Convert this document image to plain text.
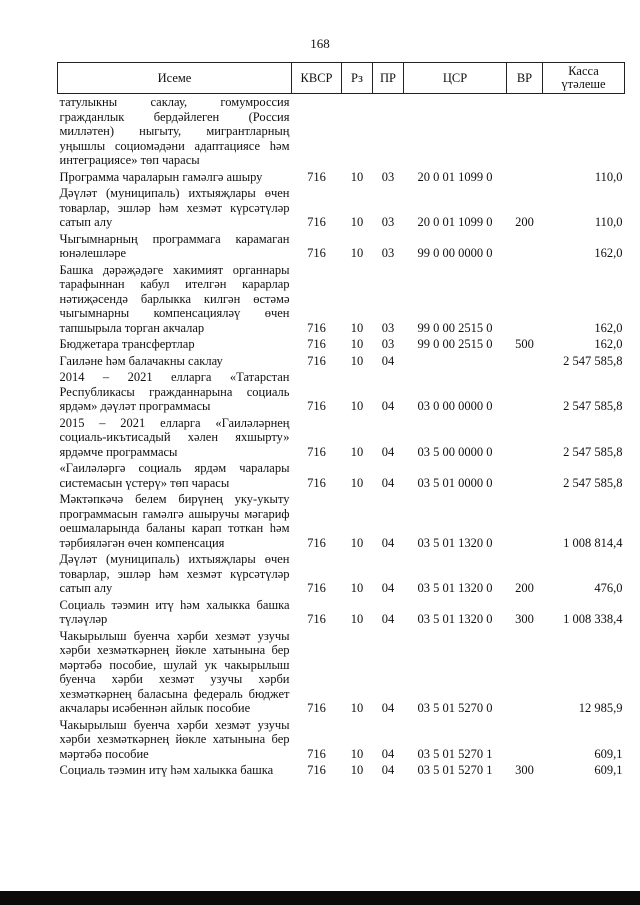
168
Исеме	КВСР	Рз	ПР	ЦСР	ВР	Касса үтәлеше
татулыкны саклау, гомумроссия гражданлык бердәйлеген (Россия миллəтен) ныгыту, мигрантларның уңышлы социомәдəни адаптациясе һəм интеграциясе» төп чарасы						
Программа чараларын гамәлгә ашыру	716	10	03	20 0 01 1099 0		110,0
Дәүләт (муниципаль) ихтыяҗлары өчен товарлар, эшләр һәм хезмәт күрсәтүләр сатып алу	716	10	03	20 0 01 1099 0	200	110,0
Чыгымнарның программага карамаган юнәлешләре	716	10	03	99 0 00 0000 0		162,0
Башка дәрәҗәдәге хакимият органнары тарафыннан кабул ителгән карарлар нәтиҗәсендә барлыкка килгән өстәмә чыгымнарны компенсацияләү өчен тапшырыла торган акчалар	716	10	03	99 0 00 2515 0		162,0
Бюджетара трансфертлар	716	10	03	99 0 00 2515 0	500	162,0
Гаиләне һәм балачакны саклау	716	10	04			2 547 585,8
2014 – 2021 елларга «Татарстан Республикасы гражданнарына социаль ярдәм» дәүләт программасы	716	10	04	03 0 00 0000 0		2 547 585,8
2015 – 2021 елларга «Гаиләләрнең социаль-икътисадый хәлен яхшырту» ярдәмче программасы	716	10	04	03 5 00 0000 0		2 547 585,8
«Гаиләләргә социаль ярдәм чаралары системасын үстерү» төп чарасы	716	10	04	03 5 01 0000 0		2 547 585,8
Мәктәпкәчә белем бирүнең уку-укыту программасын гамәлгә ашыручы мәгариф оешмаларында баланы карап тоткан һәм тәрбияләгән өчен компенсация	716	10	04	03 5 01 1320 0		1 008 814,4
Дәүләт (муниципаль) ихтыяҗлары өчен товарлар, эшләр һәм хезмәт күрсәтүләр сатып алу	716	10	04	03 5 01 1320 0	200	476,0
Социаль тәэмин итү һәм халыкка башка түләүләр	716	10	04	03 5 01 1320 0	300	1 008 338,4
Чакырылыш буенча хәрби хезмәт узучы хәрби хезмәткәрнең йөкле хатынына бер мәртәбә пособие, шулай ук чакырылыш буенча хәрби хезмәт узучы хәрби хезмәткәрнең баласына федераль бюджет акчалары исәбеннән айлык пособие	716	10	04	03 5 01 5270 0		12 985,9
Чакырылыш буенча хәрби хезмәт узучы хәрби хезмәткәрнең йөкле хатынына бер мәртәбә пособие	716	10	04	03 5 01 5270 1		609,1
Социаль тәэмин итү һәм халыкка башка	716	10	04	03 5 01 5270 1	300	609,1
